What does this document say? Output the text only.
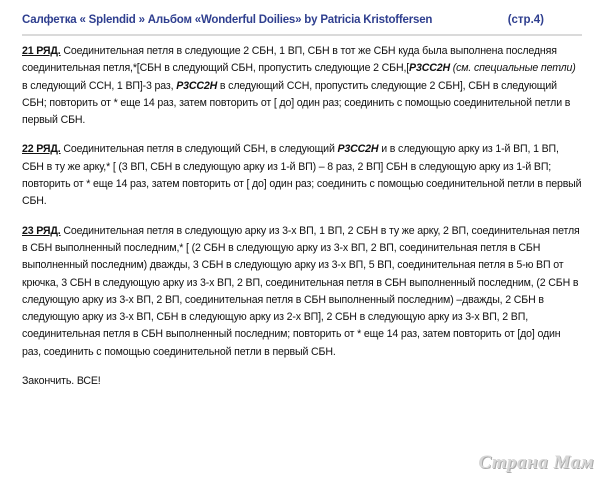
Салфетка « Splendid » Альбом «Wonderful Doilies» by Patricia Kristoffersen	(стр.4)

21 РЯД. Соединительная петля в следующие 2 СБН, 1 ВП, СБН в тот же СБН куда была выполнена последняя соединительная петля,*[СБН в следующий СБН, пропустить следующие 2 СБН,[Р3СС2Н (см. специальные петли) в следующий ССН, 1 ВП]-3 раз, Р3СС2Н в следующий ССН, пропустить следующие 2 СБН], СБН в следующий СБН; повторить от * еще 14 раз, затем повторить от [ до] один раз; соединить с помощью соединительной петли в первый СБН.

22 РЯД. Соединительная петля в следующий СБН, в следующий Р3СС2Н и в следующую арку из 1-й ВП, 1 ВП, СБН в ту же арку,* [ (3 ВП, СБН в следующую арку из 1-й ВП) – 8 раз, 2 ВП] СБН в следующую арку из 1-й ВП; повторить от * еще 14 раз, затем повторить от [ до] один раз; соединить с помощью соединительной петли в первый СБН.

23 РЯД. Соединительная петля в следующую арку из 3-х ВП, 1 ВП, 2 СБН в ту же арку, 2 ВП, соединительная петля в СБН выполненный последним,* [ (2 СБН в следующую арку из 3-х ВП, 2 ВП, соединительная петля в СБН выполненный последним) дважды, 3 СБН в следующую арку из 3-х ВП, 5 ВП, соединительная петля в 5-ю ВП от крючка, 3 СБН в следующую арку из 3-х ВП, 2 ВП, соединительная петля в СБН выполненный последним, (2 СБН в следующую арку из 3-х ВП, 2 ВП, соединительная петля в СБН выполненный последним) –дважды, 2 СБН в следующую арку из 3-х ВП, СБН в следующую арку из 2-х ВП], 2 СБН в следующую арку из 3-х ВП, 2 ВП, соединительная петля в СБН выполненный последним; повторить от * еще 14 раз, затем повторить от [до] один раз, соединить с помощью соединительной петли в первый СБН.

Закончить. ВСЕ!

Страна Мам
